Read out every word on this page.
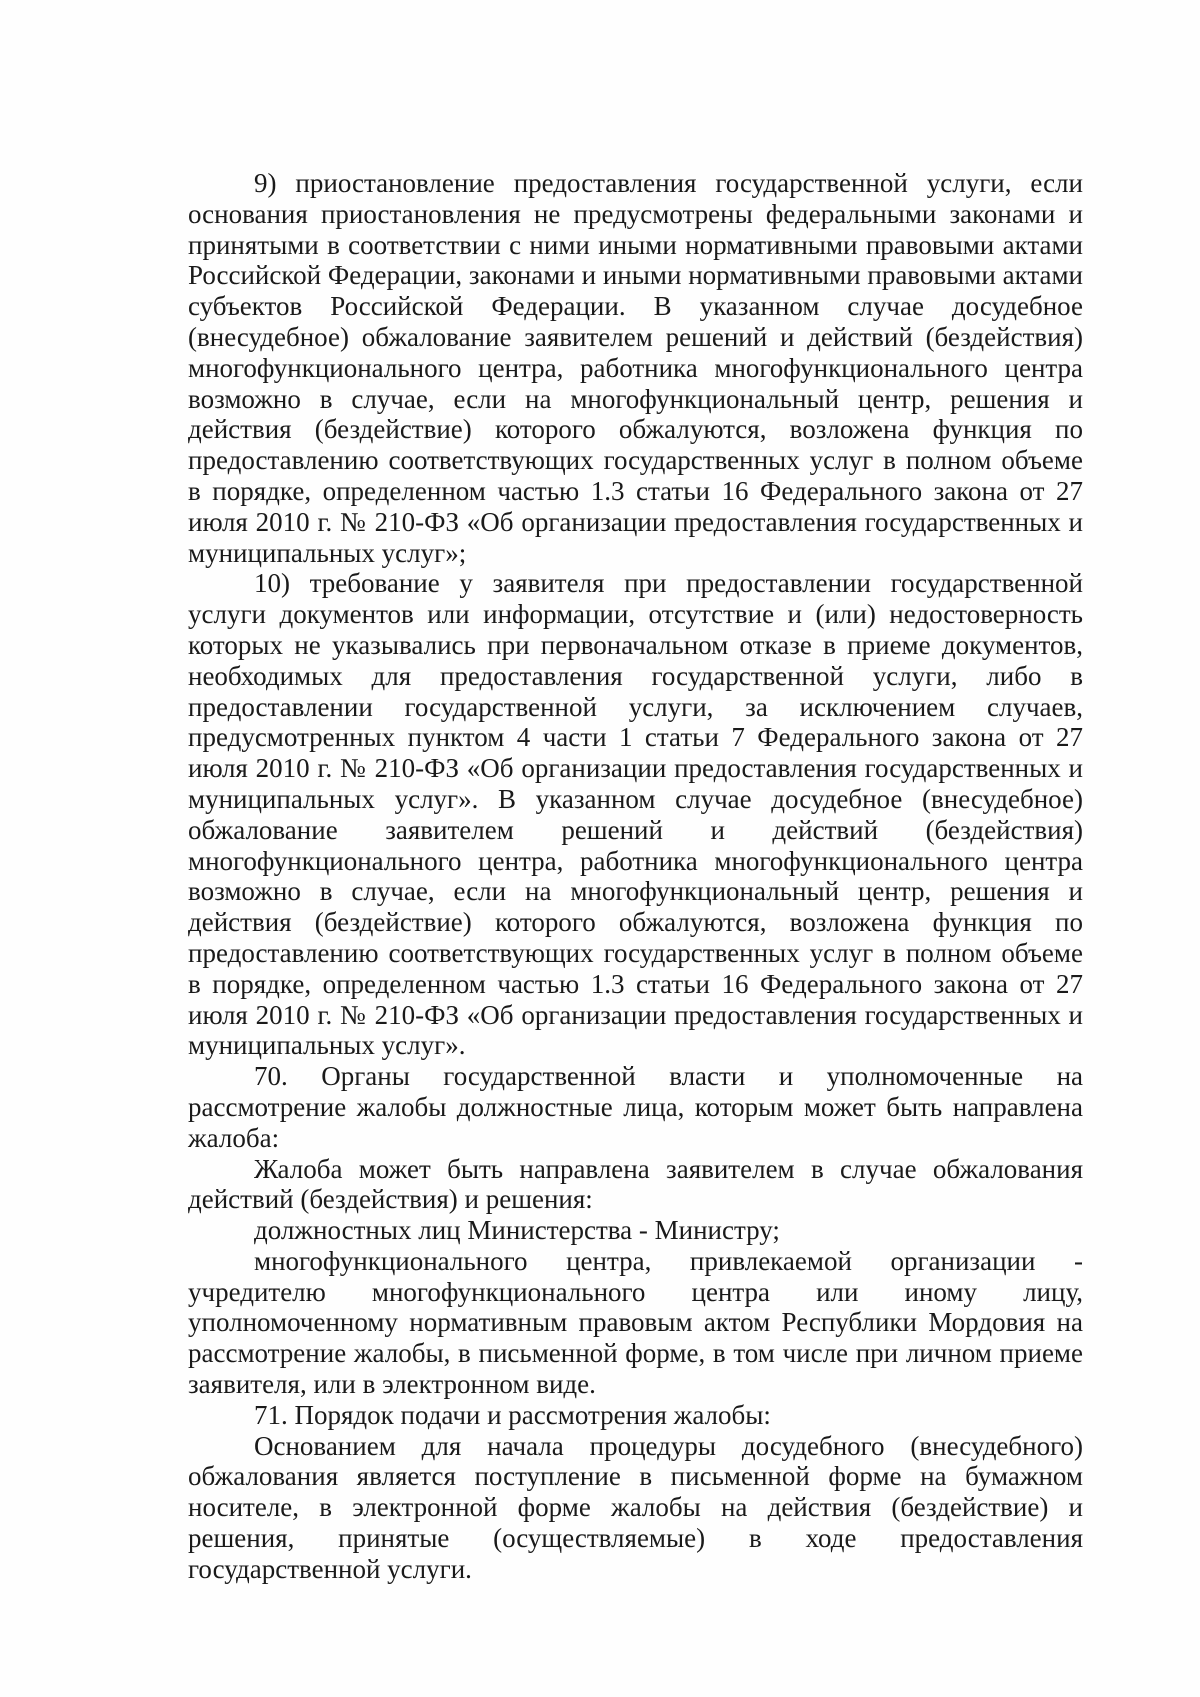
9) приостановление предоставления государственной услуги, если основания приостановления не предусмотрены федеральными законами и принятыми в соответствии с ними иными нормативными правовыми актами Российской Федерации, законами и иными нормативными правовыми актами субъектов Российской Федерации. В указанном случае досудебное (внесудебное) обжалование заявителем решений и действий (бездействия) многофункционального центра, работника многофункционального центра возможно в случае, если на многофункциональный центр, решения и действия (бездействие) которого обжалуются, возложена функция по предоставлению соответствующих государственных услуг в полном объеме в порядке, определенном частью 1.3 статьи 16 Федерального закона от 27 июля 2010 г. № 210-ФЗ «Об организации предоставления государственных и муниципальных услуг»;

10) требование у заявителя при предоставлении государственной услуги документов или информации, отсутствие и (или) недостоверность которых не указывались при первоначальном отказе в приеме документов, необходимых для предоставления государственной услуги, либо в предоставлении государственной услуги, за исключением случаев, предусмотренных пунктом 4 части 1 статьи 7 Федерального закона от 27 июля 2010 г. № 210-ФЗ «Об организации предоставления государственных и муниципальных услуг». В указанном случае досудебное (внесудебное) обжалование заявителем решений и действий (бездействия) многофункционального центра, работника многофункционального центра возможно в случае, если на многофункциональный центр, решения и действия (бездействие) которого обжалуются, возложена функция по предоставлению соответствующих государственных услуг в полном объеме в порядке, определенном частью 1.3 статьи 16 Федерального закона от 27 июля 2010 г. № 210-ФЗ «Об организации предоставления государственных и муниципальных услуг».

70. Органы государственной власти и уполномоченные на рассмотрение жалобы должностные лица, которым может быть направлена жалоба:

Жалоба может быть направлена заявителем в случае обжалования действий (бездействия) и решения:

должностных лиц Министерства - Министру;

многофункционального центра, привлекаемой организации - учредителю многофункционального центра или иному лицу, уполномоченному нормативным правовым актом Республики Мордовия на рассмотрение жалобы, в письменной форме, в том числе при личном приеме заявителя, или в электронном виде.

71. Порядок подачи и рассмотрения жалобы:

Основанием для начала процедуры досудебного (внесудебного) обжалования является поступление в письменной форме на бумажном носителе, в электронной форме жалобы на действия (бездействие) и решения, принятые (осуществляемые) в ходе предоставления государственной услуги.
